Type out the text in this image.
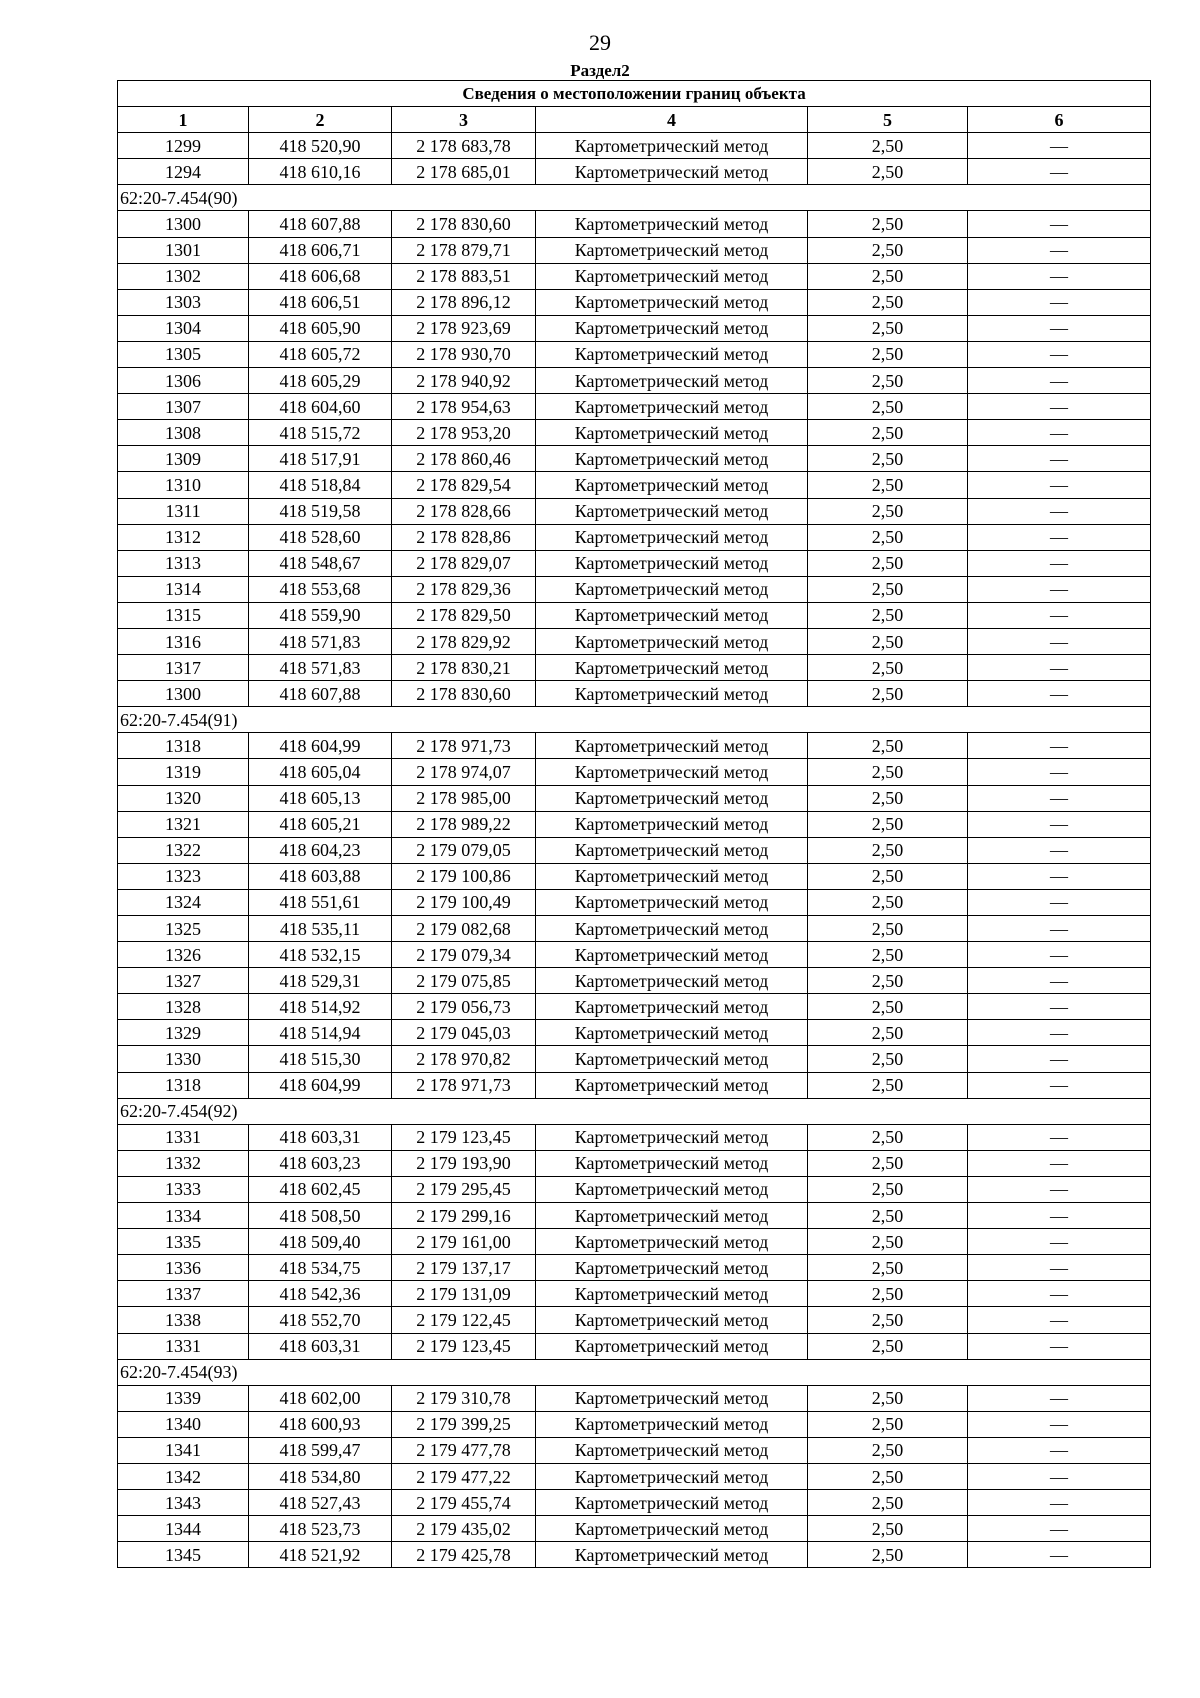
29
Раздел2
Сведения о местоположении границ объекта					
1	2	3	4	5	6
1299	418 520,90	2 178 683,78	Картометрический метод	2,50	—
1294	418 610,16	2 178 685,01	Картометрический метод	2,50	—
62:20-7.454(90)					
1300	418 607,88	2 178 830,60	Картометрический метод	2,50	—
1301	418 606,71	2 178 879,71	Картометрический метод	2,50	—
1302	418 606,68	2 178 883,51	Картометрический метод	2,50	—
1303	418 606,51	2 178 896,12	Картометрический метод	2,50	—
1304	418 605,90	2 178 923,69	Картометрический метод	2,50	—
1305	418 605,72	2 178 930,70	Картометрический метод	2,50	—
1306	418 605,29	2 178 940,92	Картометрический метод	2,50	—
1307	418 604,60	2 178 954,63	Картометрический метод	2,50	—
1308	418 515,72	2 178 953,20	Картометрический метод	2,50	—
1309	418 517,91	2 178 860,46	Картометрический метод	2,50	—
1310	418 518,84	2 178 829,54	Картометрический метод	2,50	—
1311	418 519,58	2 178 828,66	Картометрический метод	2,50	—
1312	418 528,60	2 178 828,86	Картометрический метод	2,50	—
1313	418 548,67	2 178 829,07	Картометрический метод	2,50	—
1314	418 553,68	2 178 829,36	Картометрический метод	2,50	—
1315	418 559,90	2 178 829,50	Картометрический метод	2,50	—
1316	418 571,83	2 178 829,92	Картометрический метод	2,50	—
1317	418 571,83	2 178 830,21	Картометрический метод	2,50	—
1300	418 607,88	2 178 830,60	Картометрический метод	2,50	—
62:20-7.454(91)					
1318	418 604,99	2 178 971,73	Картометрический метод	2,50	—
1319	418 605,04	2 178 974,07	Картометрический метод	2,50	—
1320	418 605,13	2 178 985,00	Картометрический метод	2,50	—
1321	418 605,21	2 178 989,22	Картометрический метод	2,50	—
1322	418 604,23	2 179 079,05	Картометрический метод	2,50	—
1323	418 603,88	2 179 100,86	Картометрический метод	2,50	—
1324	418 551,61	2 179 100,49	Картометрический метод	2,50	—
1325	418 535,11	2 179 082,68	Картометрический метод	2,50	—
1326	418 532,15	2 179 079,34	Картометрический метод	2,50	—
1327	418 529,31	2 179 075,85	Картометрический метод	2,50	—
1328	418 514,92	2 179 056,73	Картометрический метод	2,50	—
1329	418 514,94	2 179 045,03	Картометрический метод	2,50	—
1330	418 515,30	2 178 970,82	Картометрический метод	2,50	—
1318	418 604,99	2 178 971,73	Картометрический метод	2,50	—
62:20-7.454(92)					
1331	418 603,31	2 179 123,45	Картометрический метод	2,50	—
1332	418 603,23	2 179 193,90	Картометрический метод	2,50	—
1333	418 602,45	2 179 295,45	Картометрический метод	2,50	—
1334	418 508,50	2 179 299,16	Картометрический метод	2,50	—
1335	418 509,40	2 179 161,00	Картометрический метод	2,50	—
1336	418 534,75	2 179 137,17	Картометрический метод	2,50	—
1337	418 542,36	2 179 131,09	Картометрический метод	2,50	—
1338	418 552,70	2 179 122,45	Картометрический метод	2,50	—
1331	418 603,31	2 179 123,45	Картометрический метод	2,50	—
62:20-7.454(93)					
1339	418 602,00	2 179 310,78	Картометрический метод	2,50	—
1340	418 600,93	2 179 399,25	Картометрический метод	2,50	—
1341	418 599,47	2 179 477,78	Картометрический метод	2,50	—
1342	418 534,80	2 179 477,22	Картометрический метод	2,50	—
1343	418 527,43	2 179 455,74	Картометрический метод	2,50	—
1344	418 523,73	2 179 435,02	Картометрический метод	2,50	—
1345	418 521,92	2 179 425,78	Картометрический метод	2,50	—
